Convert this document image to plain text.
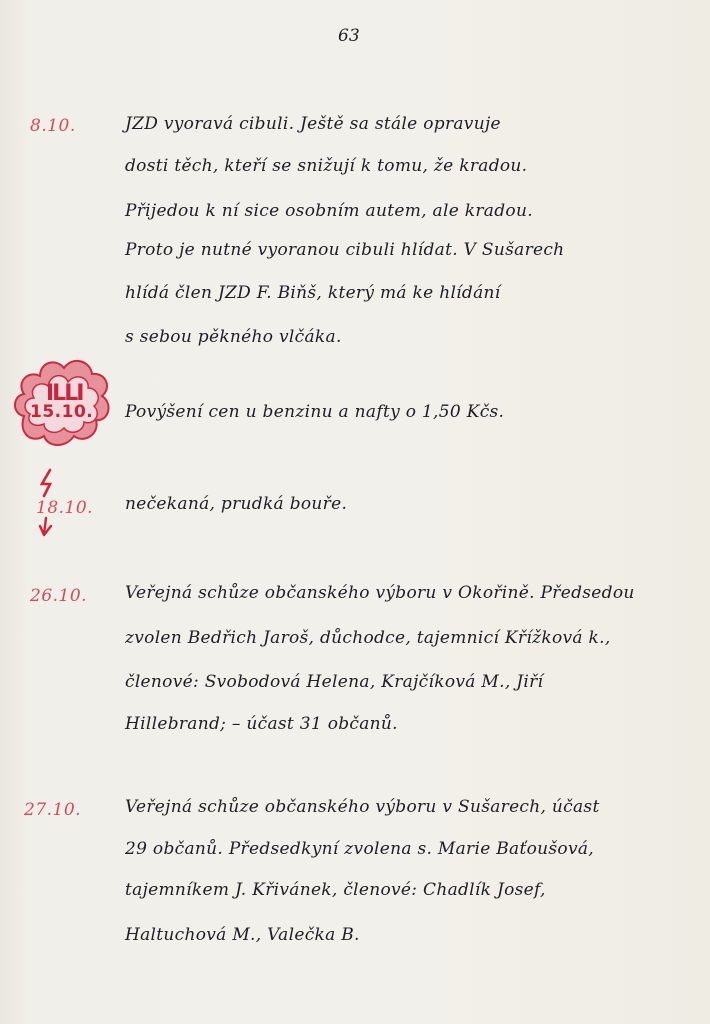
63
8.10.	JZD vyoravá cibuli. Ještě sa stále opravuje
dosti těch, kteří se snižují k tomu, že kradou.
Přijedou k ní sice osobním autem, ale kradou.
Proto je nutné vyoranou cibuli hlídat. V Sušarech
hlídá člen JZD F. Biňš, který má ke hlídání
s sebou pěkného vlčáka.
ILLI
15.10. Povýšení cen u benzinu a nafty o 1,50 Kčs.
18.10. nečekaná, prudká bouře.
26.10. Veřejná schůze občanského výboru v Okořině. Předsedou
zvolen Bedřich Jaroš, důchodce, tajemnicí Křížková k.,
členové: Svobodová Helena, Krajčíková M., Jiří
Hillebrand; – účast 31 občanů.
27.10.	Veřejná schůze občanského výboru v Sušarech, účast
29 občanů. Předsedkyní zvolena s. Marie Baťoušová,
tajemníkem J. Křivánek, členové: Chadlík Josef,
Haltuchová M., Valečka B.
